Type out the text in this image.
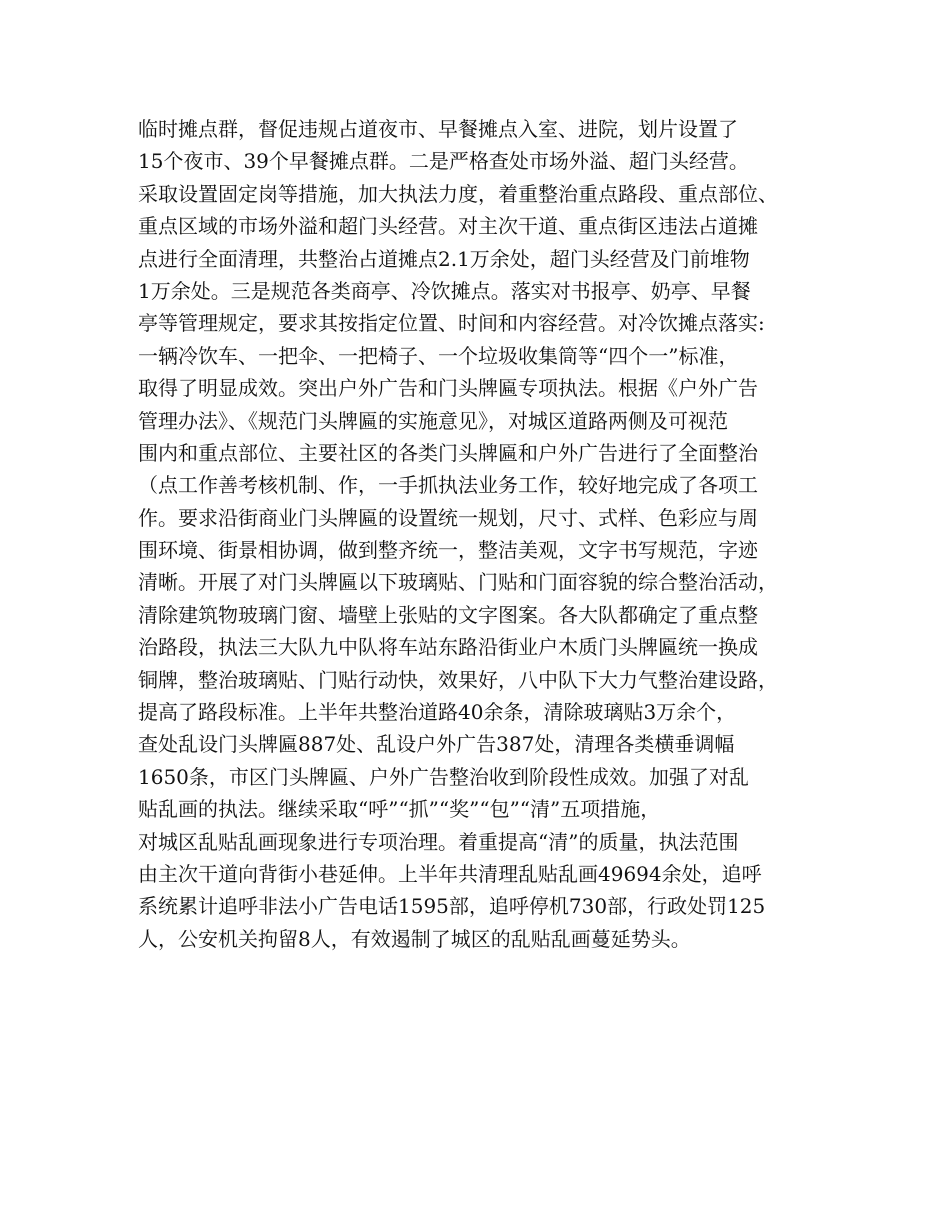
临时摊点群，督促违规占道夜市、早餐摊点入室、进院，划片设置了
15个夜市、39个早餐摊点群。二是严格查处市场外溢、超门头经营。
采取设置固定岗等措施，加大执法力度，着重整治重点路段、重点部位、
重点区域的市场外溢和超门头经营。对主次干道、重点街区违法占道摊
点进行全面清理，共整治占道摊点2.1万余处，超门头经营及门前堆物
1万余处。三是规范各类商亭、冷饮摊点。落实对书报亭、奶亭、早餐
亭等管理规定，要求其按指定位置、时间和内容经营。对冷饮摊点落实:
一辆冷饮车、一把伞、一把椅子、一个垃圾收集筒等“四个一”标准，
取得了明显成效。突出户外广告和门头牌匾专项执法。根据《户外广告
管理办法》、《规范门头牌匾的实施意见》，对城区道路两侧及可视范
围内和重点部位、主要社区的各类门头牌匾和户外广告进行了全面整治
（点工作善考核机制、作，一手抓执法业务工作，较好地完成了各项工
作。要求沿街商业门头牌匾的设置统一规划，尺寸、式样、色彩应与周
围环境、街景相协调，做到整齐统一，整洁美观，文字书写规范，字迹
清晰。开展了对门头牌匾以下玻璃贴、门贴和门面容貌的综合整治活动，
清除建筑物玻璃门窗、墙壁上张贴的文字图案。各大队都确定了重点整
治路段，执法三大队九中队将车站东路沿街业户木质门头牌匾统一换成
铜牌，整治玻璃贴、门贴行动快，效果好，八中队下大力气整治建设路，
提高了路段标准。上半年共整治道路40余条，清除玻璃贴3万余个，
查处乱设门头牌匾887处、乱设户外广告387处，清理各类横垂调幅
1650条，市区门头牌匾、户外广告整治收到阶段性成效。加强了对乱
贴乱画的执法。继续采取“呼”“抓”“奖”“包”“清”五项措施，
对城区乱贴乱画现象进行专项治理。着重提高“清”的质量，执法范围
由主次干道向背街小巷延伸。上半年共清理乱贴乱画49694余处，追呼
系统累计追呼非法小广告电话1595部，追呼停机730部，行政处罚125
人，公安机关拘留8人，有效遏制了城区的乱贴乱画蔓延势头。
